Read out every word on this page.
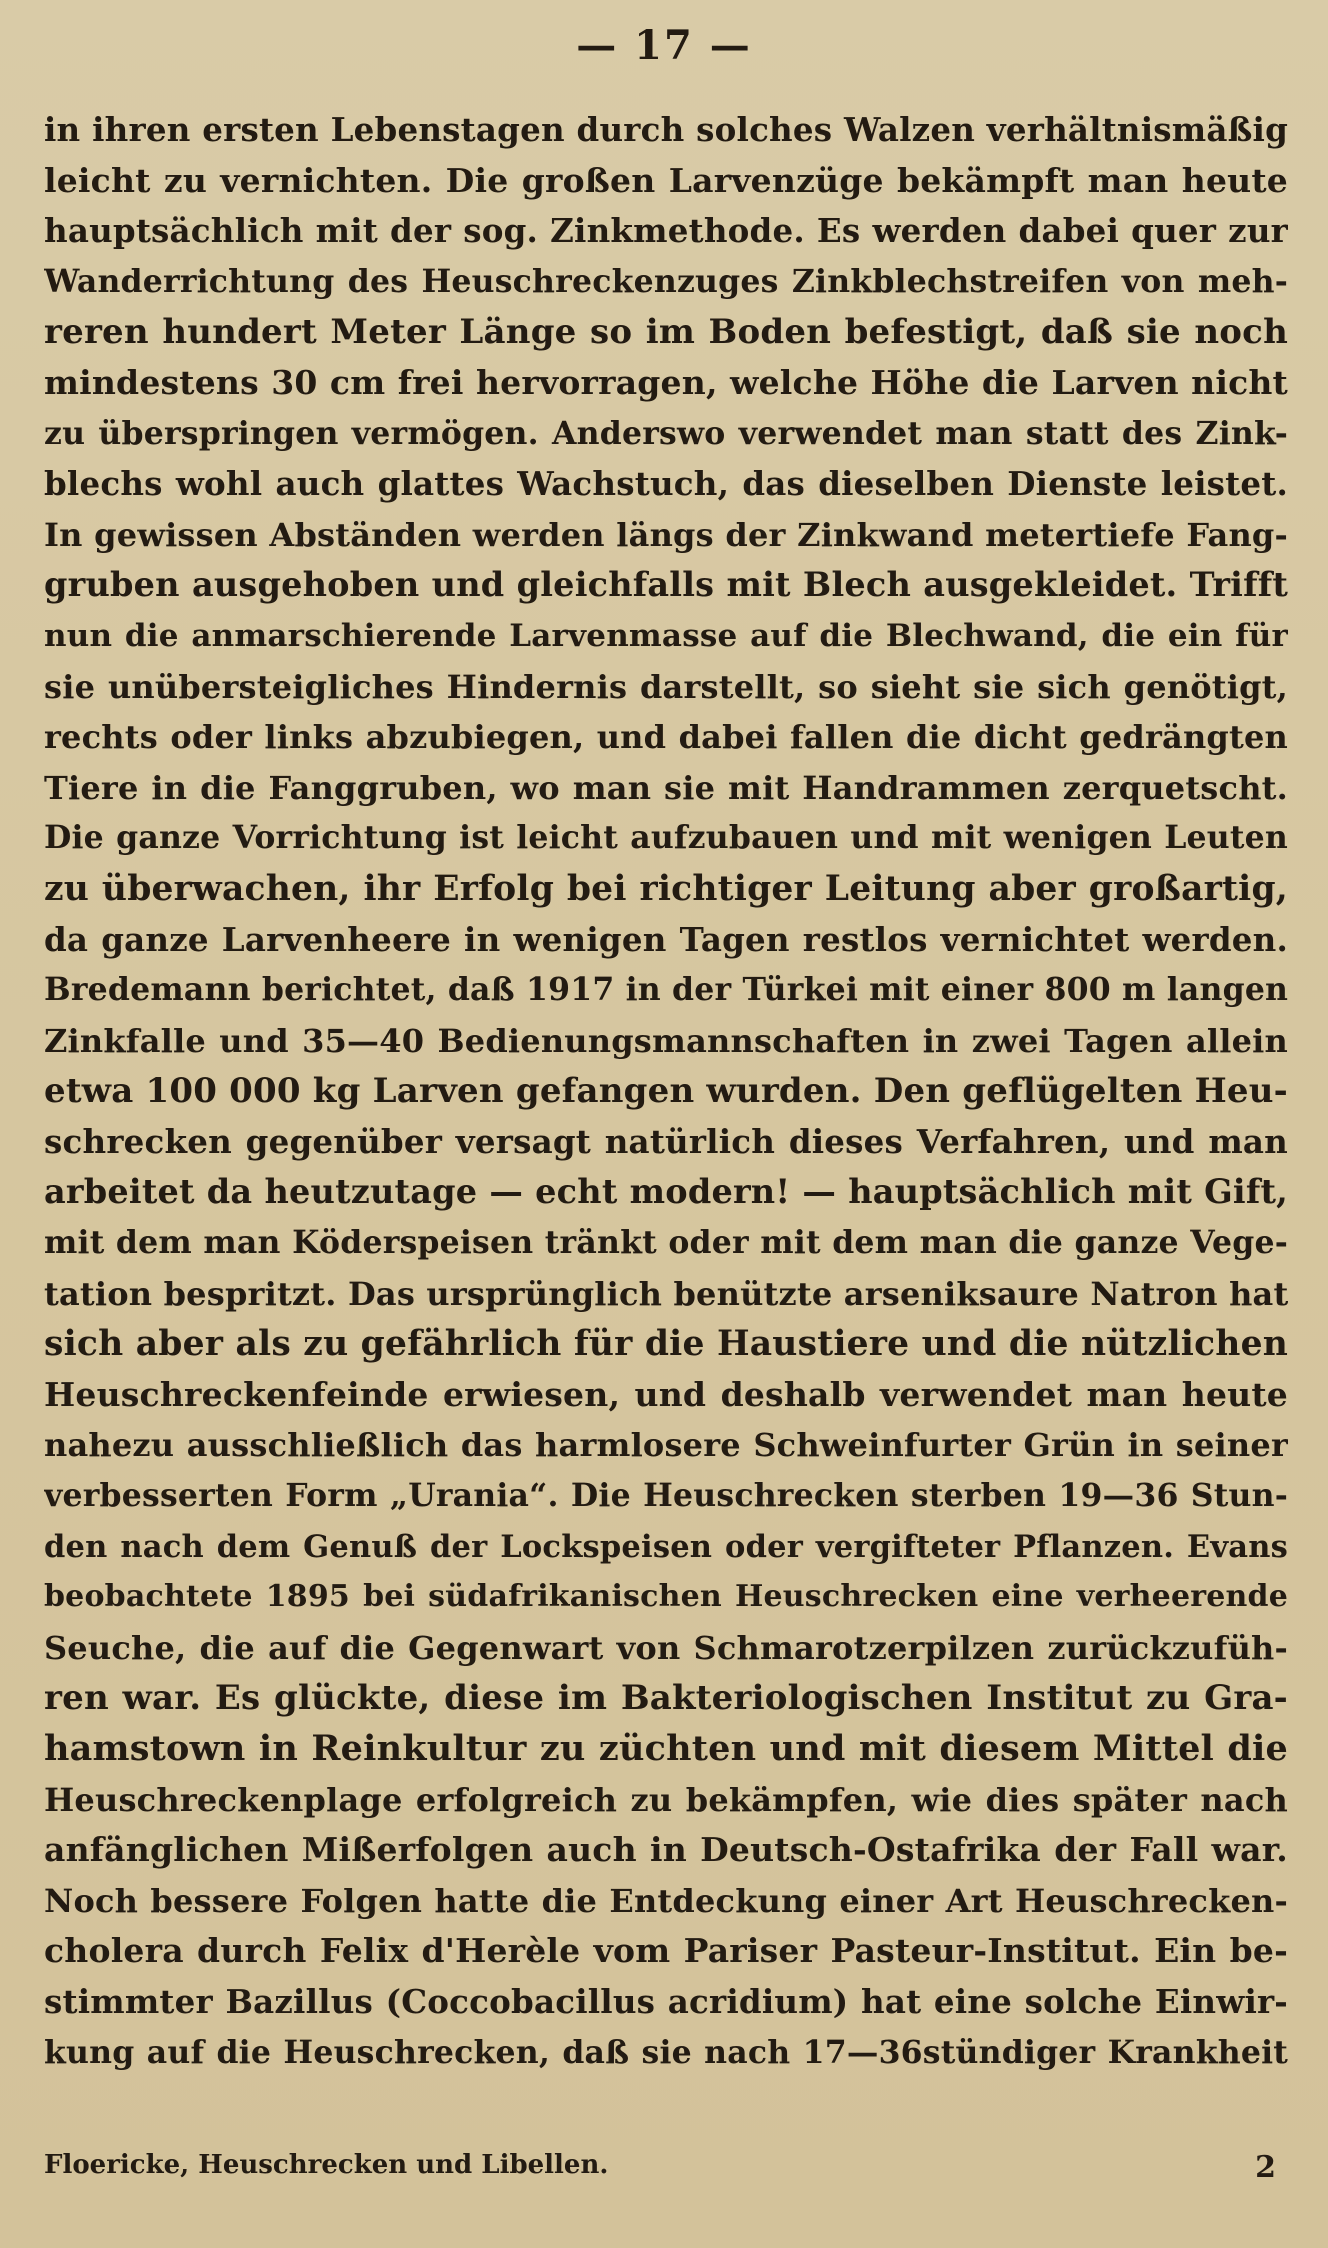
— 17 —
in ihren ersten Lebenstagen durch solches Walzen verhältnismäßig
leicht zu vernichten. Die großen Larvenzüge bekämpft man heute
hauptsächlich mit der sog. Zinkmethode. Es werden dabei quer zur
Wanderrichtung des Heuschreckenzuges Zinkblechstreifen von meh-
reren hundert Meter Länge so im Boden befestigt, daß sie noch
mindestens 30 cm frei hervorragen, welche Höhe die Larven nicht
zu überspringen vermögen. Anderswo verwendet man statt des Zink-
blechs wohl auch glattes Wachstuch, das dieselben Dienste leistet.
In gewissen Abständen werden längs der Zinkwand metertiefe Fang-
gruben ausgehoben und gleichfalls mit Blech ausgekleidet. Trifft
nun die anmarschierende Larvenmasse auf die Blechwand, die ein für
sie unübersteigliches Hindernis darstellt, so sieht sie sich genötigt,
rechts oder links abzubiegen, und dabei fallen die dicht gedrängten
Tiere in die Fanggruben, wo man sie mit Handrammen zerquetscht.
Die ganze Vorrichtung ist leicht aufzubauen und mit wenigen Leuten
zu überwachen, ihr Erfolg bei richtiger Leitung aber großartig,
da ganze Larvenheere in wenigen Tagen restlos vernichtet werden.
Bredemann berichtet, daß 1917 in der Türkei mit einer 800 m langen
Zinkfalle und 35—40 Bedienungsmannschaften in zwei Tagen allein
etwa 100 000 kg Larven gefangen wurden. Den geflügelten Heu-
schrecken gegenüber versagt natürlich dieses Verfahren, und man
arbeitet da heutzutage — echt modern! — hauptsächlich mit Gift,
mit dem man Köderspeisen tränkt oder mit dem man die ganze Vege-
tation bespritzt. Das ursprünglich benützte arseniksaure Natron hat
sich aber als zu gefährlich für die Haustiere und die nützlichen
Heuschreckenfeinde erwiesen, und deshalb verwendet man heute
nahezu ausschließlich das harmlosere Schweinfurter Grün in seiner
verbesserten Form „Urania“. Die Heuschrecken sterben 19—36 Stun-
den nach dem Genuß der Lockspeisen oder vergifteter Pflanzen. Evans
beobachtete 1895 bei südafrikanischen Heuschrecken eine verheerende
Seuche, die auf die Gegenwart von Schmarotzerpilzen zurückzufüh-
ren war. Es glückte, diese im Bakteriologischen Institut zu Gra-
hamstown in Reinkultur zu züchten und mit diesem Mittel die
Heuschreckenplage erfolgreich zu bekämpfen, wie dies später nach
anfänglichen Mißerfolgen auch in Deutsch-Ostafrika der Fall war.
Noch bessere Folgen hatte die Entdeckung einer Art Heuschrecken-
cholera durch Felix d'Herèle vom Pariser Pasteur-Institut. Ein be-
stimmter Bazillus (Coccobacillus acridium) hat eine solche Einwir-
kung auf die Heuschrecken, daß sie nach 17—36stündiger Krankheit
Floericke, Heuschrecken und Libellen.	2
